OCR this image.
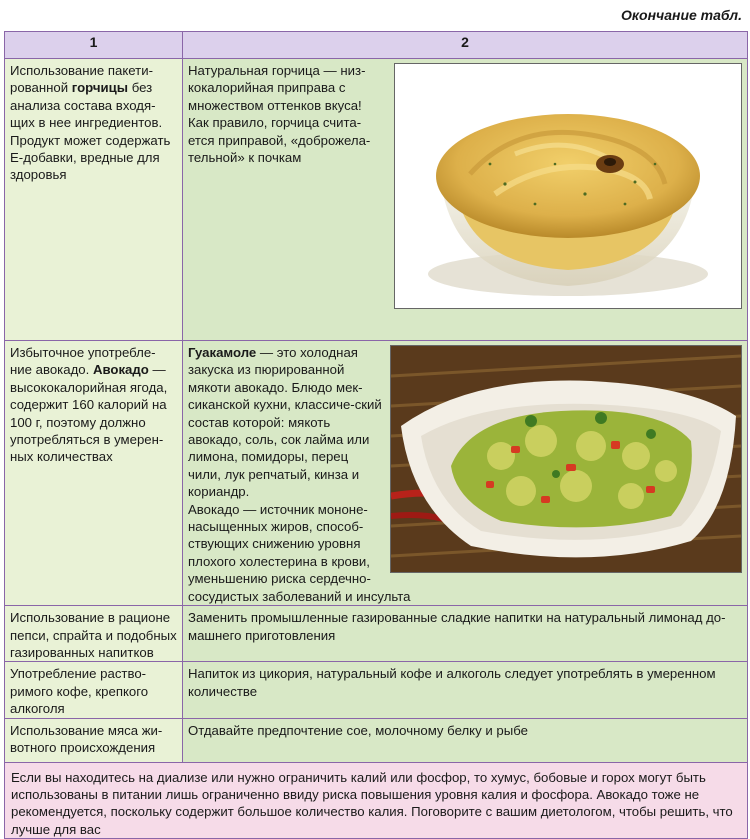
Окончание табл.
1	2
Использование пакети-рованной горчицы без анализа состава входя-щих в нее ингредиентов. Продукт может содержать Е-добавки, вредные для здоровья	Натуральная горчица — низ-кокалорийная приправа с множеством оттенков вкуса! Как правило, горчица счита-ется приправой, «доброжела-тельной» к почкам

Избыточное употребле-ние авокадо. Авокадо — высококалорийная ягода, содержит 160 калорий на 100 г, поэтому должно употребляться в умерен-ных количествах	Гуакамоле — это холодная закуска из пюрированной мякоти авокадо. Блюдо мек-сиканской кухни, классиче-ский состав которой: мякоть авокадо, соль, сок лайма или лимона, помидоры, перец чили, лук репчатый, кинза и кориандр.

Авокадо — источник мононе-насыщенных жиров, способ-ствующих снижению уровня плохого холестерина в крови, уменьшению риска сердечно-сосудистых заболеваний и инсульта

Использование в рационе пепси, спрайта и подобных газированных напитков	Заменить промышленные газированные сладкие напитки на натуральный лимонад до-машнего приготовления
Употребление раство-римого кофе, крепкого алкоголя	Напиток из цикория, натуральный кофе и алкоголь следует употреблять в умеренном количестве
Использование мяса жи-вотного происхождения	Отдавайте предпочтение сое, молочному белку и рыбе
Если вы находитесь на диализе или нужно ограничить калий или фосфор, то хумус, бобовые и горох могут быть использованы в питании лишь ограниченно ввиду риска повышения уровня калия и фосфора. Авокадо тоже не рекомендуется, поскольку содержит большое количество калия. Поговорите с вашим диетологом, чтобы решить, что лучше для вас	
